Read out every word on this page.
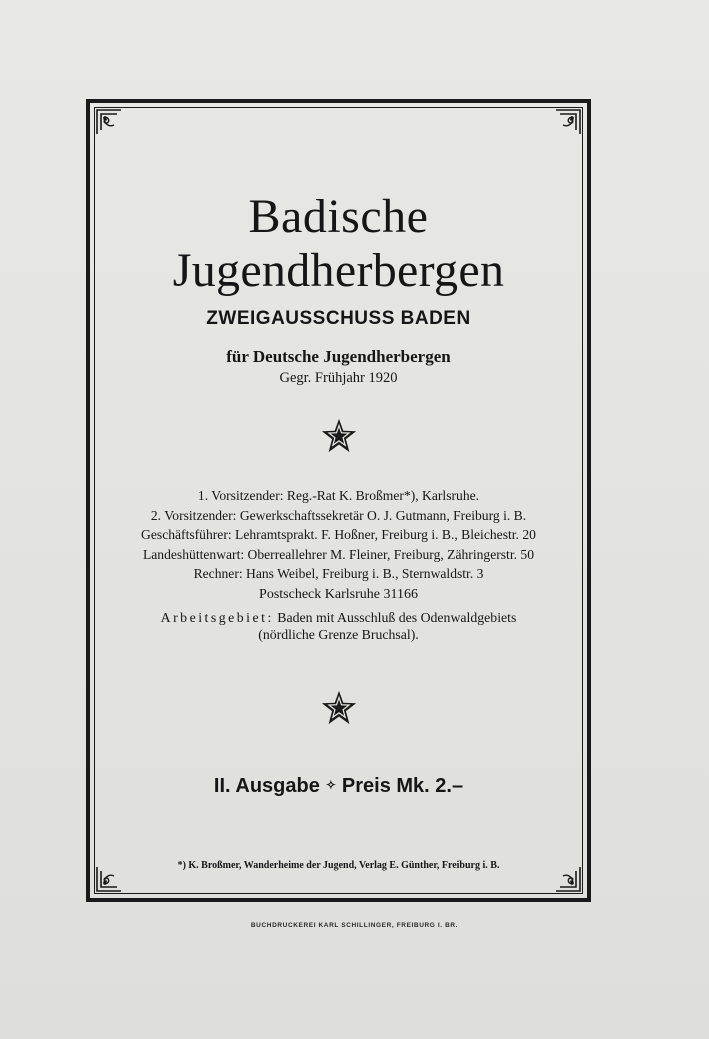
Badische
Jugendherbergen
ZWEIGAUSSCHUSS BADEN
für Deutsche Jugendherbergen
Gegr. Frühjahr 1920
1. Vorsitzender: Reg.-Rat K. Broßmer*), Karlsruhe.
2. Vorsitzender: Gewerkschaftssekretär O. J. Gutmann, Freiburg i. B.
Geschäftsführer: Lehramtsprakt. F. Hoßner, Freiburg i. B., Bleichestr. 20
Landeshüttenwart: Oberreallehrer M. Fleiner, Freiburg, Zähringerstr. 50
Rechner: Hans Weibel, Freiburg i. B., Sternwaldstr. 3
Postscheck Karlsruhe 31166
Arbeitsgebiet: Baden mit Ausschluß des Odenwaldgebiets
(nördliche Grenze Bruchsal).
II. Ausgabe ✧ Preis Mk. 2.–
*) K. Broßmer, Wanderheime der Jugend, Verlag E. Günther, Freiburg i. B.
BUCHDRUCKEREI KARL SCHILLINGER, FREIBURG I. BR.
